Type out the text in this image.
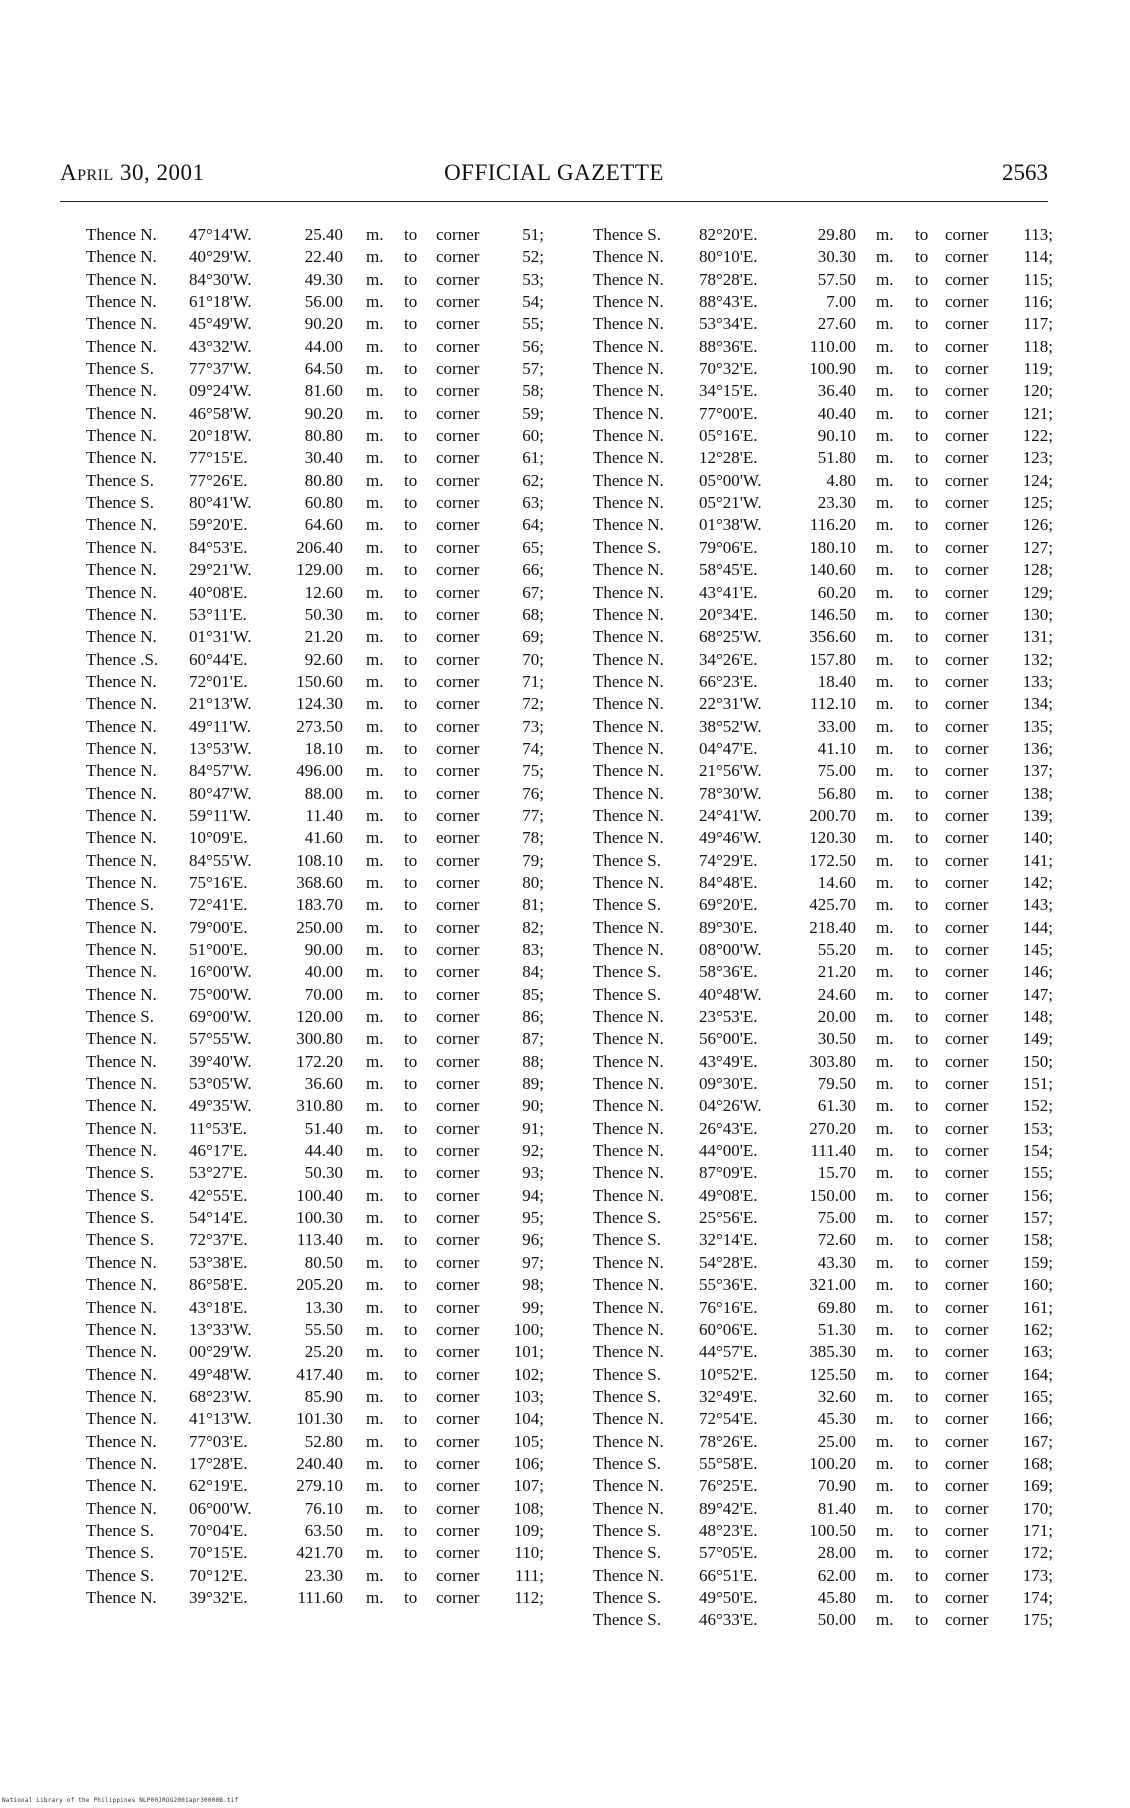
April 30, 2001	OFFICIAL GAZETTE	2563
Thence N. 47°14'W.	25.40 m. to corner	51;
Thence N. 40°29'W.	22.40 m. to corner	52;
Thence N. 84°30'W.	49.30 m. to corner	53;
Thence N. 61°18'W.	56.00 m. to corner	54;
Thence N. 45°49'W.	90.20 m. to corner	55;
Thence N. 43°32'W.	44.00 m. to corner	56;
Thence S. 77°37'W.	64.50 m. to corner	57;
Thence N. 09°24'W.	81.60 m. to corner	58;
Thence N. 46°58'W.	90.20 m. to corner	59;
Thence N. 20°18'W.	80.80 m. to corner	60;
Thence N. 77°15'E.	30.40 m. to corner	61;
Thence S. 77°26'E.	80.80 m. to corner	62;
Thence S. 80°41'W.	60.80 m. to corner	63;
Thence N. 59°20'E.	64.60 m. to corner	64;
Thence N. 84°53'E.	206.40 m. to corner	65;
Thence N. 29°21'W.	129.00 m. to corner	66;
Thence N. 40°08'E.	12.60 m. to corner	67;
Thence N. 53°11'E.	50.30 m. to corner	68;
Thence N. 01°31'W.	21.20 m. to corner	69;
Thence .S. 60°44'E.	92.60 m. to corner	70;
Thence N. 72°01'E.	150.60 m. to corner	71;
Thence N. 21°13'W.	124.30 m. to corner	72;
Thence N. 49°11'W.	273.50 m. to corner	73;
Thence N. 13°53'W.	18.10 m. to corner	74;
Thence N. 84°57'W.	496.00 m. to corner	75;
Thence N. 80°47'W.	88.00 m. to corner	76;
Thence N. 59°11'W.	11.40 m. to corner	77;
Thence N. 10°09'E.	41.60 m. to eorner	78;
Thence N. 84°55'W.	108.10 m. to corner	79;
Thence N. 75°16'E.	368.60 m. to corner	80;
Thence S. 72°41'E.	183.70 m. to corner	81;
Thence N. 79°00'E.	250.00 m. to corner	82;
Thence N. 51°00'E.	90.00 m. to corner	83;
Thence N. 16°00'W.	40.00 m. to corner	84;
Thence N. 75°00'W.	70.00 m. to corner	85;
Thence S. 69°00'W.	120.00 m. to corner	86;
Thence N. 57°55'W.	300.80 m. to corner	87;
Thence N. 39°40'W.	172.20 m. to corner	88;
Thence N. 53°05'W.	36.60 m. to corner	89;
Thence N. 49°35'W.	310.80 m. to corner	90;
Thence N. 11°53'E.	51.40 m. to corner	91;
Thence N. 46°17'E.	44.40 m. to corner	92;
Thence S. 53°27'E.	50.30 m. to corner	93;
Thence S. 42°55'E.	100.40 m. to corner	94;
Thence S. 54°14'E.	100.30 m. to corner	95;
Thence S. 72°37'E.	113.40 m. to corner	96;
Thence N. 53°38'E.	80.50 m. to corner	97;
Thence N. 86°58'E.	205.20 m. to corner	98;
Thence N. 43°18'E.	13.30 m. to corner	99;
Thence N. 13°33'W.	55.50 m. to corner	100;
Thence N. 00°29'W.	25.20 m. to corner	101;
Thence N. 49°48'W.	417.40 m. to corner	102;
Thence N. 68°23'W.	85.90 m. to corner	103;
Thence N. 41°13'W.	101.30 m. to corner	104;
Thence N. 77°03'E.	52.80 m. to corner	105;
Thence N. 17°28'E.	240.40 m. to corner	106;
Thence N. 62°19'E.	279.10 m. to corner	107;
Thence N. 06°00'W.	76.10 m. to corner	108;
Thence S. 70°04'E.	63.50 m. to corner	109;
Thence S. 70°15'E.	421.70 m. to corner	110;
Thence S. 70°12'E.	23.30 m. to corner	111;
Thence N. 39°32'E.	111.60 m. to corner	112;
Thence S. 82°20'E.	29.80 m. to corner	113;
Thence N. 80°10'E.	30.30 m. to corner	114;
Thence N. 78°28'E.	57.50 m. to corner	115;
Thence N. 88°43'E.	7.00 m. to corner	116;
Thence N. 53°34'E.	27.60 m. to corner	117;
Thence N. 88°36'E.	110.00 m. to corner	118;
Thence N. 70°32'E.	100.90 m. to corner	119;
Thence N. 34°15'E.	36.40 m. to corner	120;
Thence N. 77°00'E.	40.40 m. to corner	121;
Thence N. 05°16'E.	90.10 m. to corner	122;
Thence N. 12°28'E.	51.80 m. to corner	123;
Thence N. 05°00'W.	4.80 m. to corner	124;
Thence N. 05°21'W.	23.30 m. to corner	125;
Thence N. 01°38'W.	116.20 m. to corner	126;
Thence S. 79°06'E.	180.10 m. to corner	127;
Thence N. 58°45'E.	140.60 m. to corner	128;
Thence N. 43°41'E.	60.20 m. to corner	129;
Thence N. 20°34'E.	146.50 m. to corner	130;
Thence N. 68°25'W.	356.60 m. to corner	131;
Thence N. 34°26'E.	157.80 m. to corner	132;
Thence N. 66°23'E.	18.40 m. to corner	133;
Thence N. 22°31'W.	112.10 m. to corner	134;
Thence N. 38°52'W.	33.00 m. to corner	135;
Thence N. 04°47'E.	41.10 m. to corner	136;
Thence N. 21°56'W.	75.00 m. to corner	137;
Thence N. 78°30'W.	56.80 m. to corner	138;
Thence N. 24°41'W.	200.70 m. to corner	139;
Thence N. 49°46'W.	120.30 m. to corner	140;
Thence S. 74°29'E.	172.50 m. to corner	141;
Thence N. 84°48'E.	14.60 m. to corner	142;
Thence S. 69°20'E.	425.70 m. to corner	143;
Thence N. 89°30'E.	218.40 m. to corner	144;
Thence N. 08°00'W.	55.20 m. to corner	145;
Thence S. 58°36'E.	21.20 m. to corner	146;
Thence S. 40°48'W.	24.60 m. to corner	147;
Thence N. 23°53'E.	20.00 m. to corner	148;
Thence N. 56°00'E.	30.50 m. to corner	149;
Thence N. 43°49'E.	303.80 m. to corner	150;
Thence N. 09°30'E.	79.50 m. to corner	151;
Thence N. 04°26'W.	61.30 m. to corner	152;
Thence N. 26°43'E.	270.20 m. to corner	153;
Thence N. 44°00'E.	111.40 m. to corner	154;
Thence N. 87°09'E.	15.70 m. to corner	155;
Thence N. 49°08'E.	150.00 m. to corner	156;
Thence S. 25°56'E.	75.00 m. to corner	157;
Thence S. 32°14'E.	72.60 m. to corner	158;
Thence N. 54°28'E.	43.30 m. to corner	159;
Thence N. 55°36'E.	321.00 m. to corner	160;
Thence N. 76°16'E.	69.80 m. to corner	161;
Thence N. 60°06'E.	51.30 m. to corner	162;
Thence N. 44°57'E.	385.30 m. to corner	163;
Thence S. 10°52'E.	125.50 m. to corner	164;
Thence S. 32°49'E.	32.60 m. to corner	165;
Thence N. 72°54'E.	45.30 m. to corner	166;
Thence N. 78°26'E.	25.00 m. to corner	167;
Thence S. 55°58'E.	100.20 m. to corner	168;
Thence N. 76°25'E.	70.90 m. to corner	169;
Thence N. 89°42'E.	81.40 m. to corner	170;
Thence S. 48°23'E.	100.50 m. to corner	171;
Thence S. 57°05'E.	28.00 m. to corner	172;
Thence N. 66°51'E.	62.00 m. to corner	173;
Thence S. 49°50'E.	45.80 m. to corner	174;
Thence S. 46°33'E.	50.00 m. to corner	175;
National Library of the Philippines NLP00JROG2001apr30000B.tif
